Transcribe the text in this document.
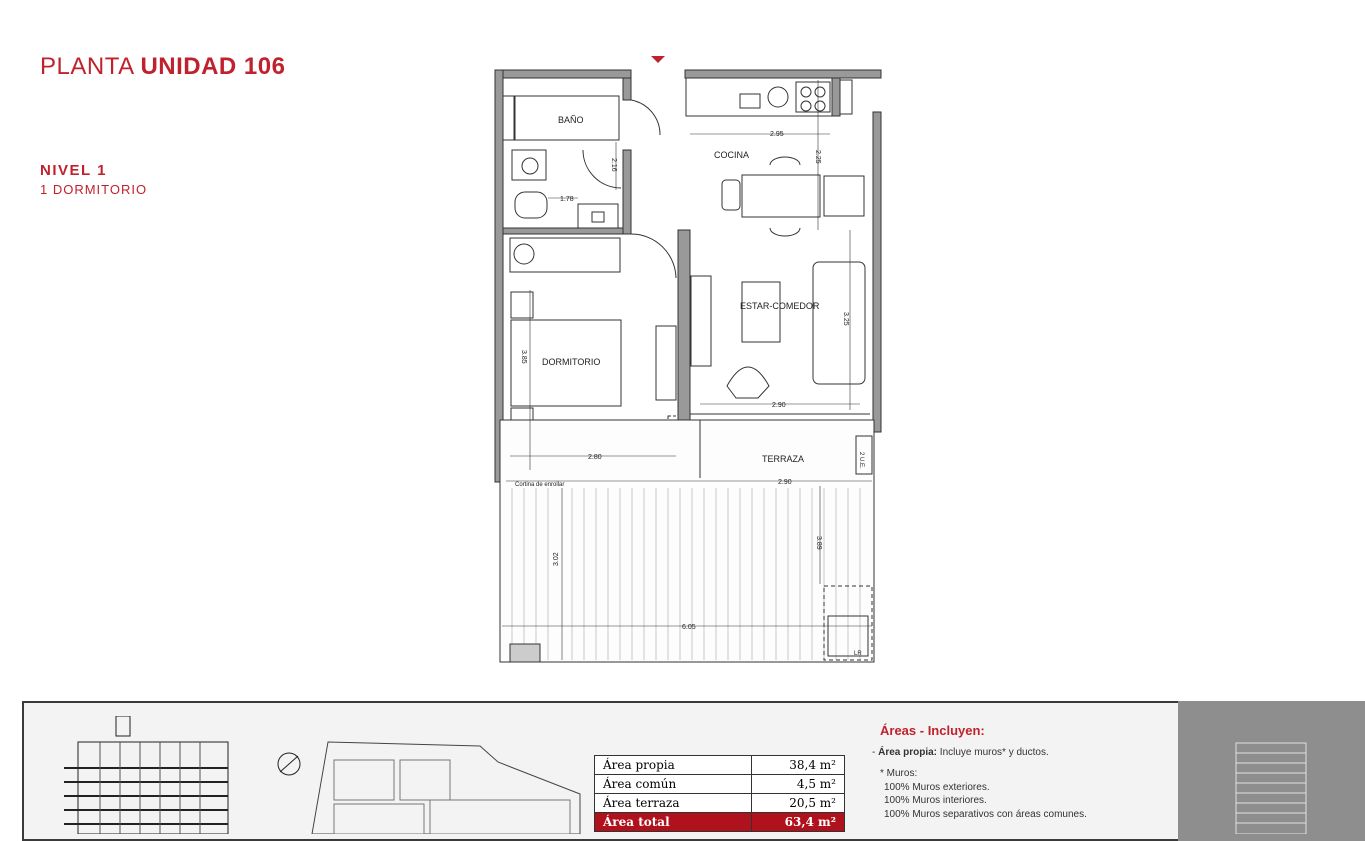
PLANTA UNIDAD 106
NIVEL 1
1 DORMITORIO
BAÑO
COCINA
ESTAR-COMEDOR
DORMITORIO
TERRAZA
2.95
2.25
2.16
1.78
3.85
3.25
2.90
2.80
2.90
3.02
3.89
6.05
Cortina de enrollar
2 U.E.
LR
Área propia	38,4 m²
Área común	4,5 m²
Área terraza	20,5 m²
Área total	63,4 m²
Áreas - Incluyen:
- Área propia: Incluye muros* y ductos.
* Muros:
100% Muros exteriores.
100% Muros interiores.
100% Muros separativos con áreas comunes.
